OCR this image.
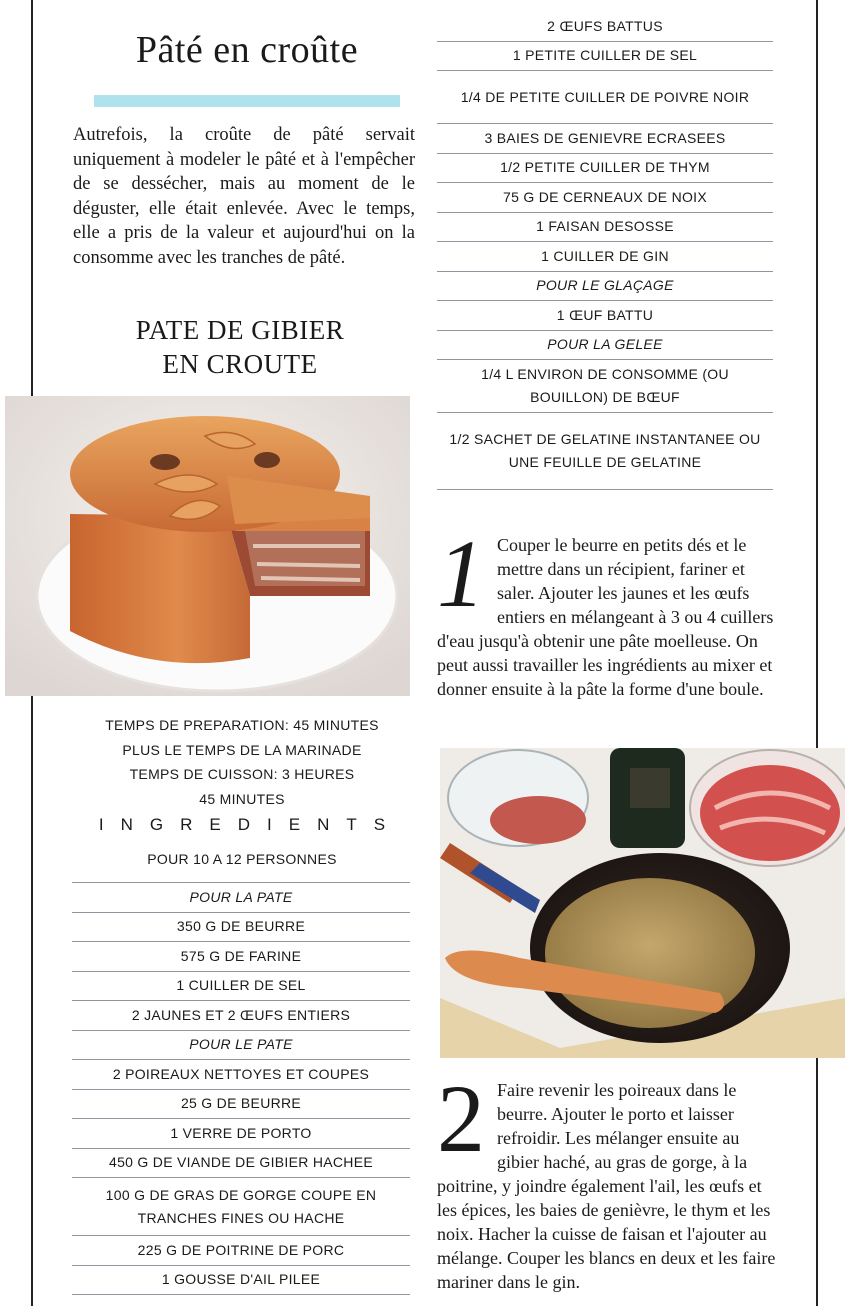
Pâté en croûte
Autrefois, la croûte de pâté servait uniquement à modeler le pâté et à l'empêcher de se dessécher, mais au moment de le déguster, elle était enlevée. Avec le temps, elle a pris de la valeur et aujourd'hui on la consomme avec les tranches de pâté.
PATE DE GIBIER
EN CROUTE
TEMPS DE PREPARATION: 45 MINUTES
PLUS LE TEMPS DE LA MARINADE
TEMPS DE CUISSON: 3 HEURES
45 MINUTES
INGREDIENTS
POUR 10 A 12 PERSONNES
POUR LA PATE
350 G DE BEURRE
575 G DE FARINE
1 CUILLER DE SEL
2 JAUNES ET 2 ŒUFS ENTIERS
POUR LE PATE
2 POIREAUX NETTOYES ET COUPES
25 G DE BEURRE
1 VERRE DE PORTO
450 G DE VIANDE DE GIBIER HACHEE
100 G DE GRAS DE GORGE COUPE EN TRANCHES FINES OU HACHE
225 G DE POITRINE DE PORC
1 GOUSSE D'AIL PILEE
2 ŒUFS BATTUS
1 PETITE CUILLER DE SEL
1/4 DE PETITE CUILLER DE POIVRE NOIR
3 BAIES DE GENIEVRE ECRASEES
1/2 PETITE CUILLER DE THYM
75 G DE CERNEAUX DE NOIX
1 FAISAN DESOSSE
1 CUILLER DE GIN
POUR LE GLAÇAGE
1 ŒUF BATTU
POUR LA GELEE
1/4 L ENVIRON DE CONSOMME (OU BOUILLON) DE BŒUF
1/2 SACHET DE GELATINE INSTANTANEE OU UNE FEUILLE DE GELATINE
1 Couper le beurre en petits dés et le mettre dans un récipient, fariner et saler. Ajouter les jaunes et les œufs entiers en mélangeant à 3 ou 4 cuillers d'eau jusqu'à obtenir une pâte moelleuse. On peut aussi travailler les ingrédients au mixer et donner ensuite à la pâte la forme d'une boule.
2 Faire revenir les poireaux dans le beurre. Ajouter le porto et laisser refroidir. Les mélanger ensuite au gibier haché, au gras de gorge, à la poitrine, y joindre également l'ail, les œufs et les épices, les baies de genièvre, le thym et les noix. Hacher la cuisse de faisan et l'ajouter au mélange. Couper les blancs en deux et les faire mariner dans le gin.
